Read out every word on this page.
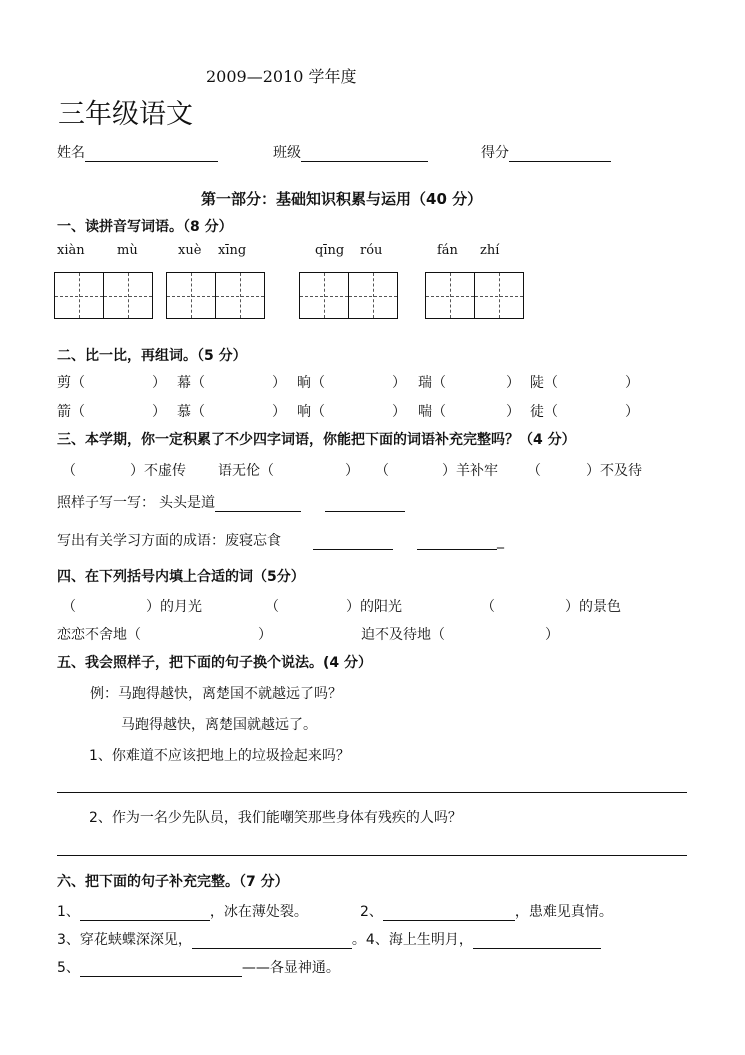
2009—2010 学年度
三年级语文
姓名	班级	得分
第一部分：基础知识积累与运用（40 分）
一、读拼音写词语。（8 分）
xiàn mù	xuè xīng	qīng róu	fán zhí
二、比一比，再组词。（5 分）
剪（	） 幕（	） 晌（	） 瑞（	） 陡（	）
箭（	） 慕（	） 响（	） 喘（	） 徒（	）
三、本学期，你一定积累了不少四字词语，你能把下面的词语补充完整吗？（4 分）
（	）不虚传 语无伦（	） （	）羊补牢 （	）不及待
照样子写一写： 头头是道
写出有关学习方面的成语：废寝忘食	_
四、在下列括号内填上合适的词（5分）
（	）的月光	（	）的阳光	（	）的景色
恋恋不舍地（	）	迫不及待地（	）
五、我会照样子，把下面的句子换个说法。(4 分）
例：马跑得越快，离楚国不就越远了吗？
马跑得越快，离楚国就越远了。
1、你难道不应该把地上的垃圾捡起来吗？
2、作为一名少先队员，我们能嘲笑那些身体有残疾的人吗？
六、把下面的句子补充完整。（7 分）
1、	，冰在薄处裂。	2、	，患难见真情。
3、穿花蛱蝶深深见，	。4、海上生明月，
5、	——各显神通。
